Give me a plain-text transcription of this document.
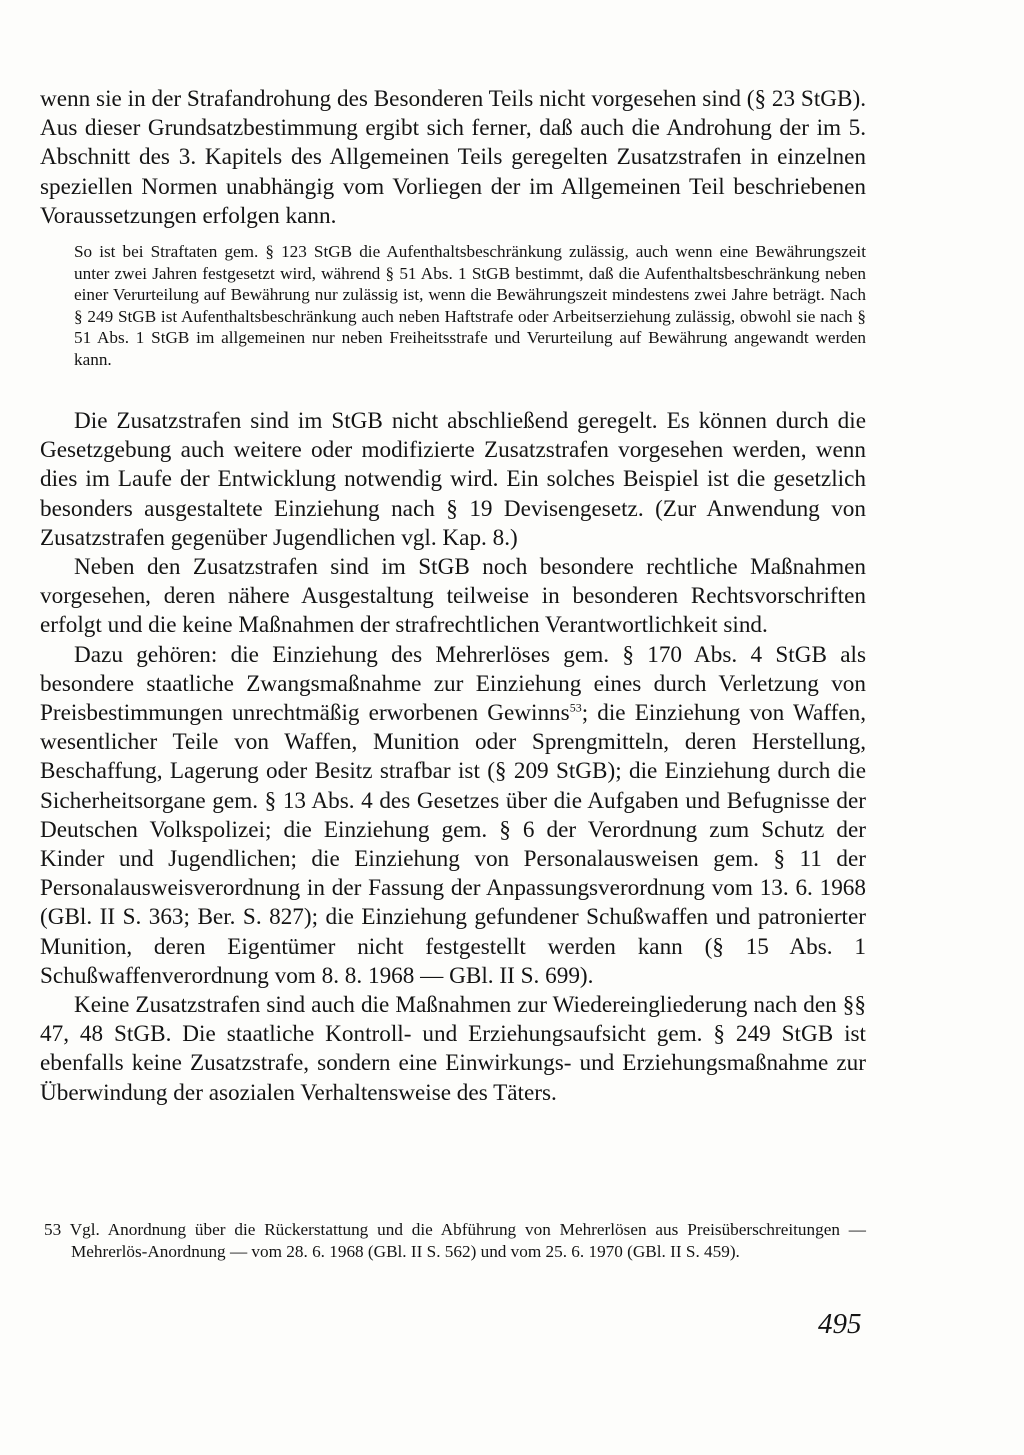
wenn sie in der Strafandrohung des Besonderen Teils nicht vorgesehen sind (§ 23 StGB). Aus dieser Grundsatzbestimmung ergibt sich ferner, daß auch die Androhung der im 5. Abschnitt des 3. Kapitels des Allgemeinen Teils geregelten Zusatzstrafen in einzelnen speziellen Normen unabhängig vom Vorliegen der im Allgemeinen Teil beschriebenen Voraussetzungen erfolgen kann.

So ist bei Straftaten gem. § 123 StGB die Aufenthaltsbeschränkung zulässig, auch wenn eine Bewährungszeit unter zwei Jahren festgesetzt wird, während § 51 Abs. 1 StGB bestimmt, daß die Aufenthaltsbeschränkung neben einer Verurteilung auf Bewährung nur zulässig ist, wenn die Bewährungszeit mindestens zwei Jahre beträgt. Nach § 249 StGB ist Aufenthaltsbeschränkung auch neben Haftstrafe oder Arbeitserziehung zulässig, obwohl sie nach § 51 Abs. 1 StGB im allgemeinen nur neben Freiheitsstrafe und Verurteilung auf Bewährung angewandt werden kann.

Die Zusatzstrafen sind im StGB nicht abschließend geregelt. Es können durch die Gesetzgebung auch weitere oder modifizierte Zusatzstrafen vorgesehen werden, wenn dies im Laufe der Entwicklung notwendig wird. Ein solches Beispiel ist die gesetzlich besonders ausgestaltete Einziehung nach § 19 Devisengesetz. (Zur Anwendung von Zusatzstrafen gegenüber Jugendlichen vgl. Kap. 8.)

Neben den Zusatzstrafen sind im StGB noch besondere rechtliche Maßnahmen vorgesehen, deren nähere Ausgestaltung teilweise in besonderen Rechtsvorschriften erfolgt und die keine Maßnahmen der strafrechtlichen Verantwortlichkeit sind.

Dazu gehören: die Einziehung des Mehrerlöses gem. § 170 Abs. 4 StGB als besondere staatliche Zwangsmaßnahme zur Einziehung eines durch Verletzung von Preisbestimmungen unrechtmäßig erworbenen Gewinns$^{53}$; die Einziehung von Waffen, wesentlicher Teile von Waffen, Munition oder Sprengmitteln, deren Herstellung, Beschaffung, Lagerung oder Besitz strafbar ist (§ 209 StGB); die Einziehung durch die Sicherheitsorgane gem. § 13 Abs. 4 des Gesetzes über die Aufgaben und Befugnisse der Deutschen Volkspolizei; die Einziehung gem. § 6 der Verordnung zum Schutz der Kinder und Jugendlichen; die Einziehung von Personalausweisen gem. § 11 der Personalausweisverordnung in der Fassung der Anpassungsverordnung vom 13. 6. 1968 (GBl. II S. 363; Ber. S. 827); die Einziehung gefundener Schußwaffen und patronierter Munition, deren Eigentümer nicht festgestellt werden kann (§ 15 Abs. 1 Schußwaffenverordnung vom 8. 8. 1968 — GBl. II S. 699).

Keine Zusatzstrafen sind auch die Maßnahmen zur Wiedereingliederung nach den §§ 47, 48 StGB. Die staatliche Kontroll- und Erziehungsaufsicht gem. § 249 StGB ist ebenfalls keine Zusatzstrafe, sondern eine Einwirkungs- und Erziehungsmaßnahme zur Überwindung der asozialen Verhaltensweise des Täters.

53 Vgl. Anordnung über die Rückerstattung und die Abführung von Mehrerlösen aus Preisüberschreitungen — Mehrerlös-Anordnung — vom 28. 6. 1968 (GBl. II S. 562) und vom 25. 6. 1970 (GBl. II S. 459).

495
